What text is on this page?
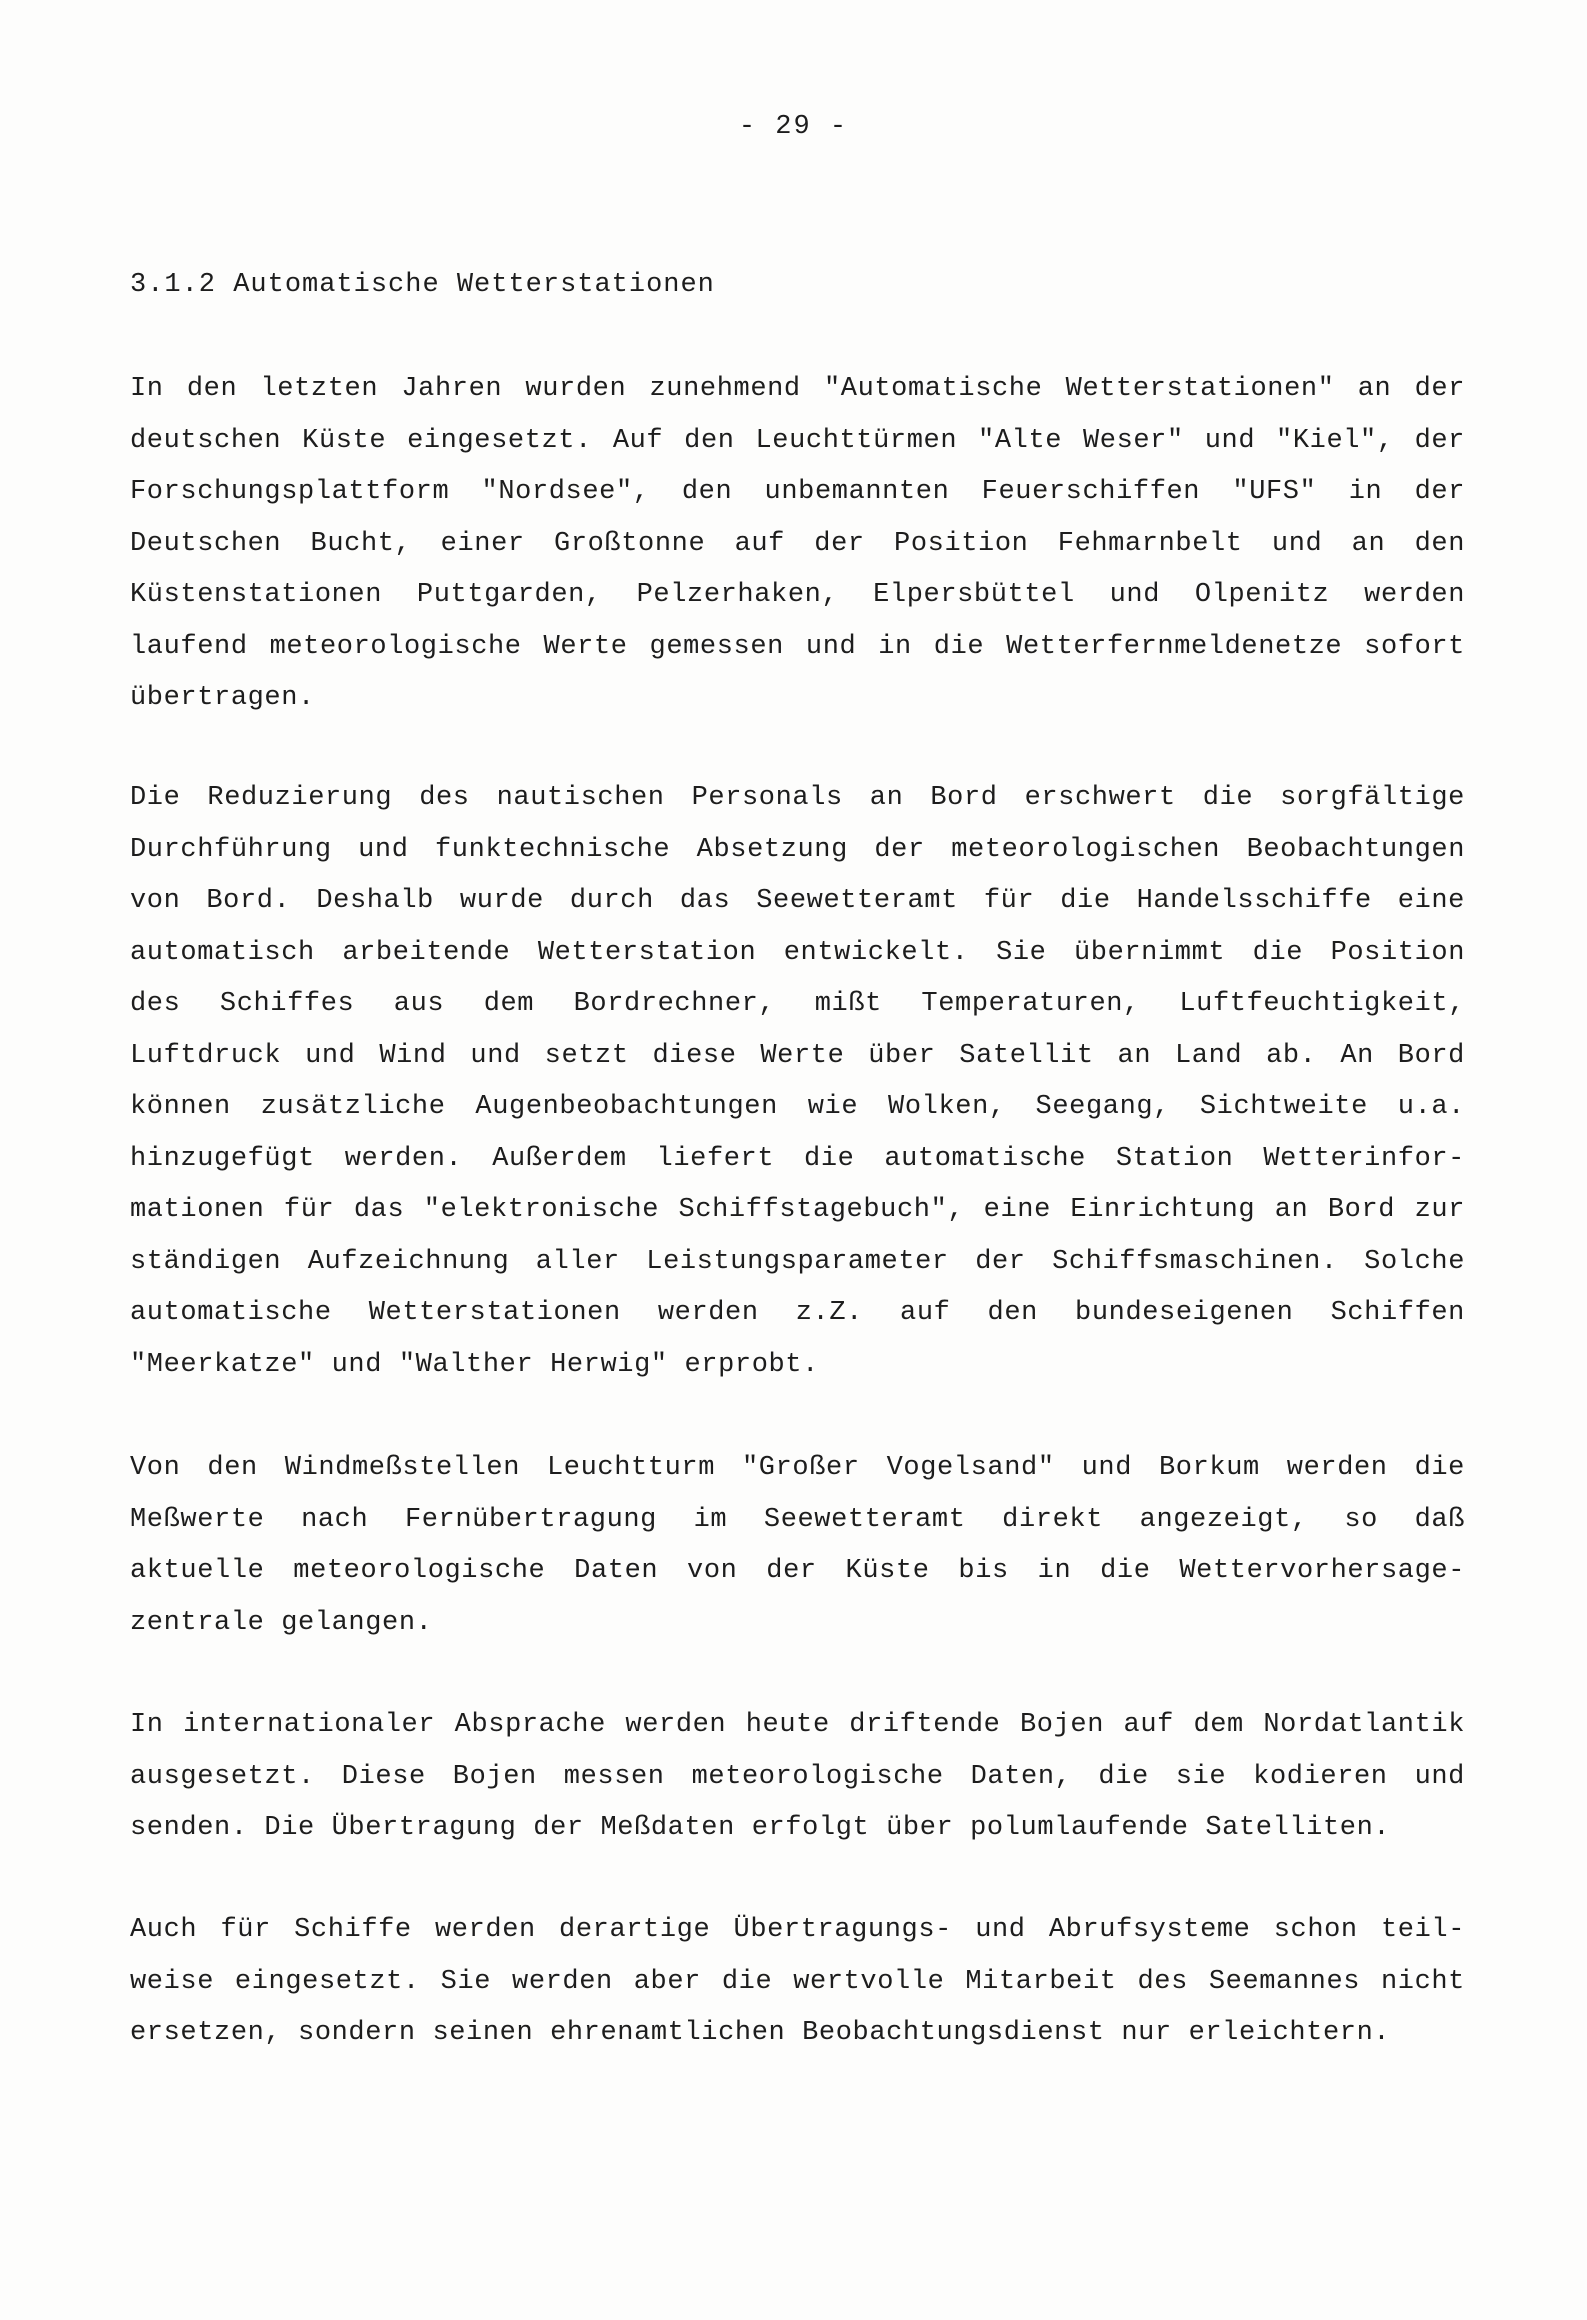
- 29 -

3.1.2 Automatische Wetterstationen

In den letzten Jahren wurden zunehmend "Automatische Wetterstationen" an der
deutschen Küste eingesetzt. Auf den Leuchttürmen "Alte Weser" und "Kiel", der
Forschungsplattform "Nordsee", den unbemannten Feuerschiffen "UFS" in der
Deutschen Bucht, einer Großtonne auf der Position Fehmarnbelt und an den
Küstenstationen Puttgarden, Pelzerhaken, Elpersbüttel und Olpenitz werden
laufend meteorologische Werte gemessen und in die Wetterfernmeldenetze sofort
übertragen.

Die Reduzierung des nautischen Personals an Bord erschwert die sorgfältige
Durchführung und funktechnische Absetzung der meteorologischen Beobachtungen
von Bord. Deshalb wurde durch das Seewetteramt für die Handelsschiffe eine
automatisch arbeitende Wetterstation entwickelt. Sie übernimmt die Position
des Schiffes aus dem Bordrechner, mißt Temperaturen, Luftfeuchtigkeit,
Luftdruck und Wind und setzt diese Werte über Satellit an Land ab. An Bord
können zusätzliche Augenbeobachtungen wie Wolken, Seegang, Sichtweite u.a.
hinzugefügt werden. Außerdem liefert die automatische Station Wetterinfor-
mationen für das "elektronische Schiffstagebuch", eine Einrichtung an Bord zur
ständigen Aufzeichnung aller Leistungsparameter der Schiffsmaschinen. Solche
automatische Wetterstationen werden z.Z. auf den bundeseigenen Schiffen
"Meerkatze" und "Walther Herwig" erprobt.

Von den Windmeßstellen Leuchtturm "Großer Vogelsand" und Borkum werden die
Meßwerte nach Fernübertragung im Seewetteramt direkt angezeigt, so daß
aktuelle meteorologische Daten von der Küste bis in die Wettervorhersage-
zentrale gelangen.

In internationaler Absprache werden heute driftende Bojen auf dem Nordatlantik
ausgesetzt. Diese Bojen messen meteorologische Daten, die sie kodieren und
senden. Die Übertragung der Meßdaten erfolgt über polumlaufende Satelliten.

Auch für Schiffe werden derartige Übertragungs- und Abrufsysteme schon teil-
weise eingesetzt. Sie werden aber die wertvolle Mitarbeit des Seemannes nicht
ersetzen, sondern seinen ehrenamtlichen Beobachtungsdienst nur erleichtern.
